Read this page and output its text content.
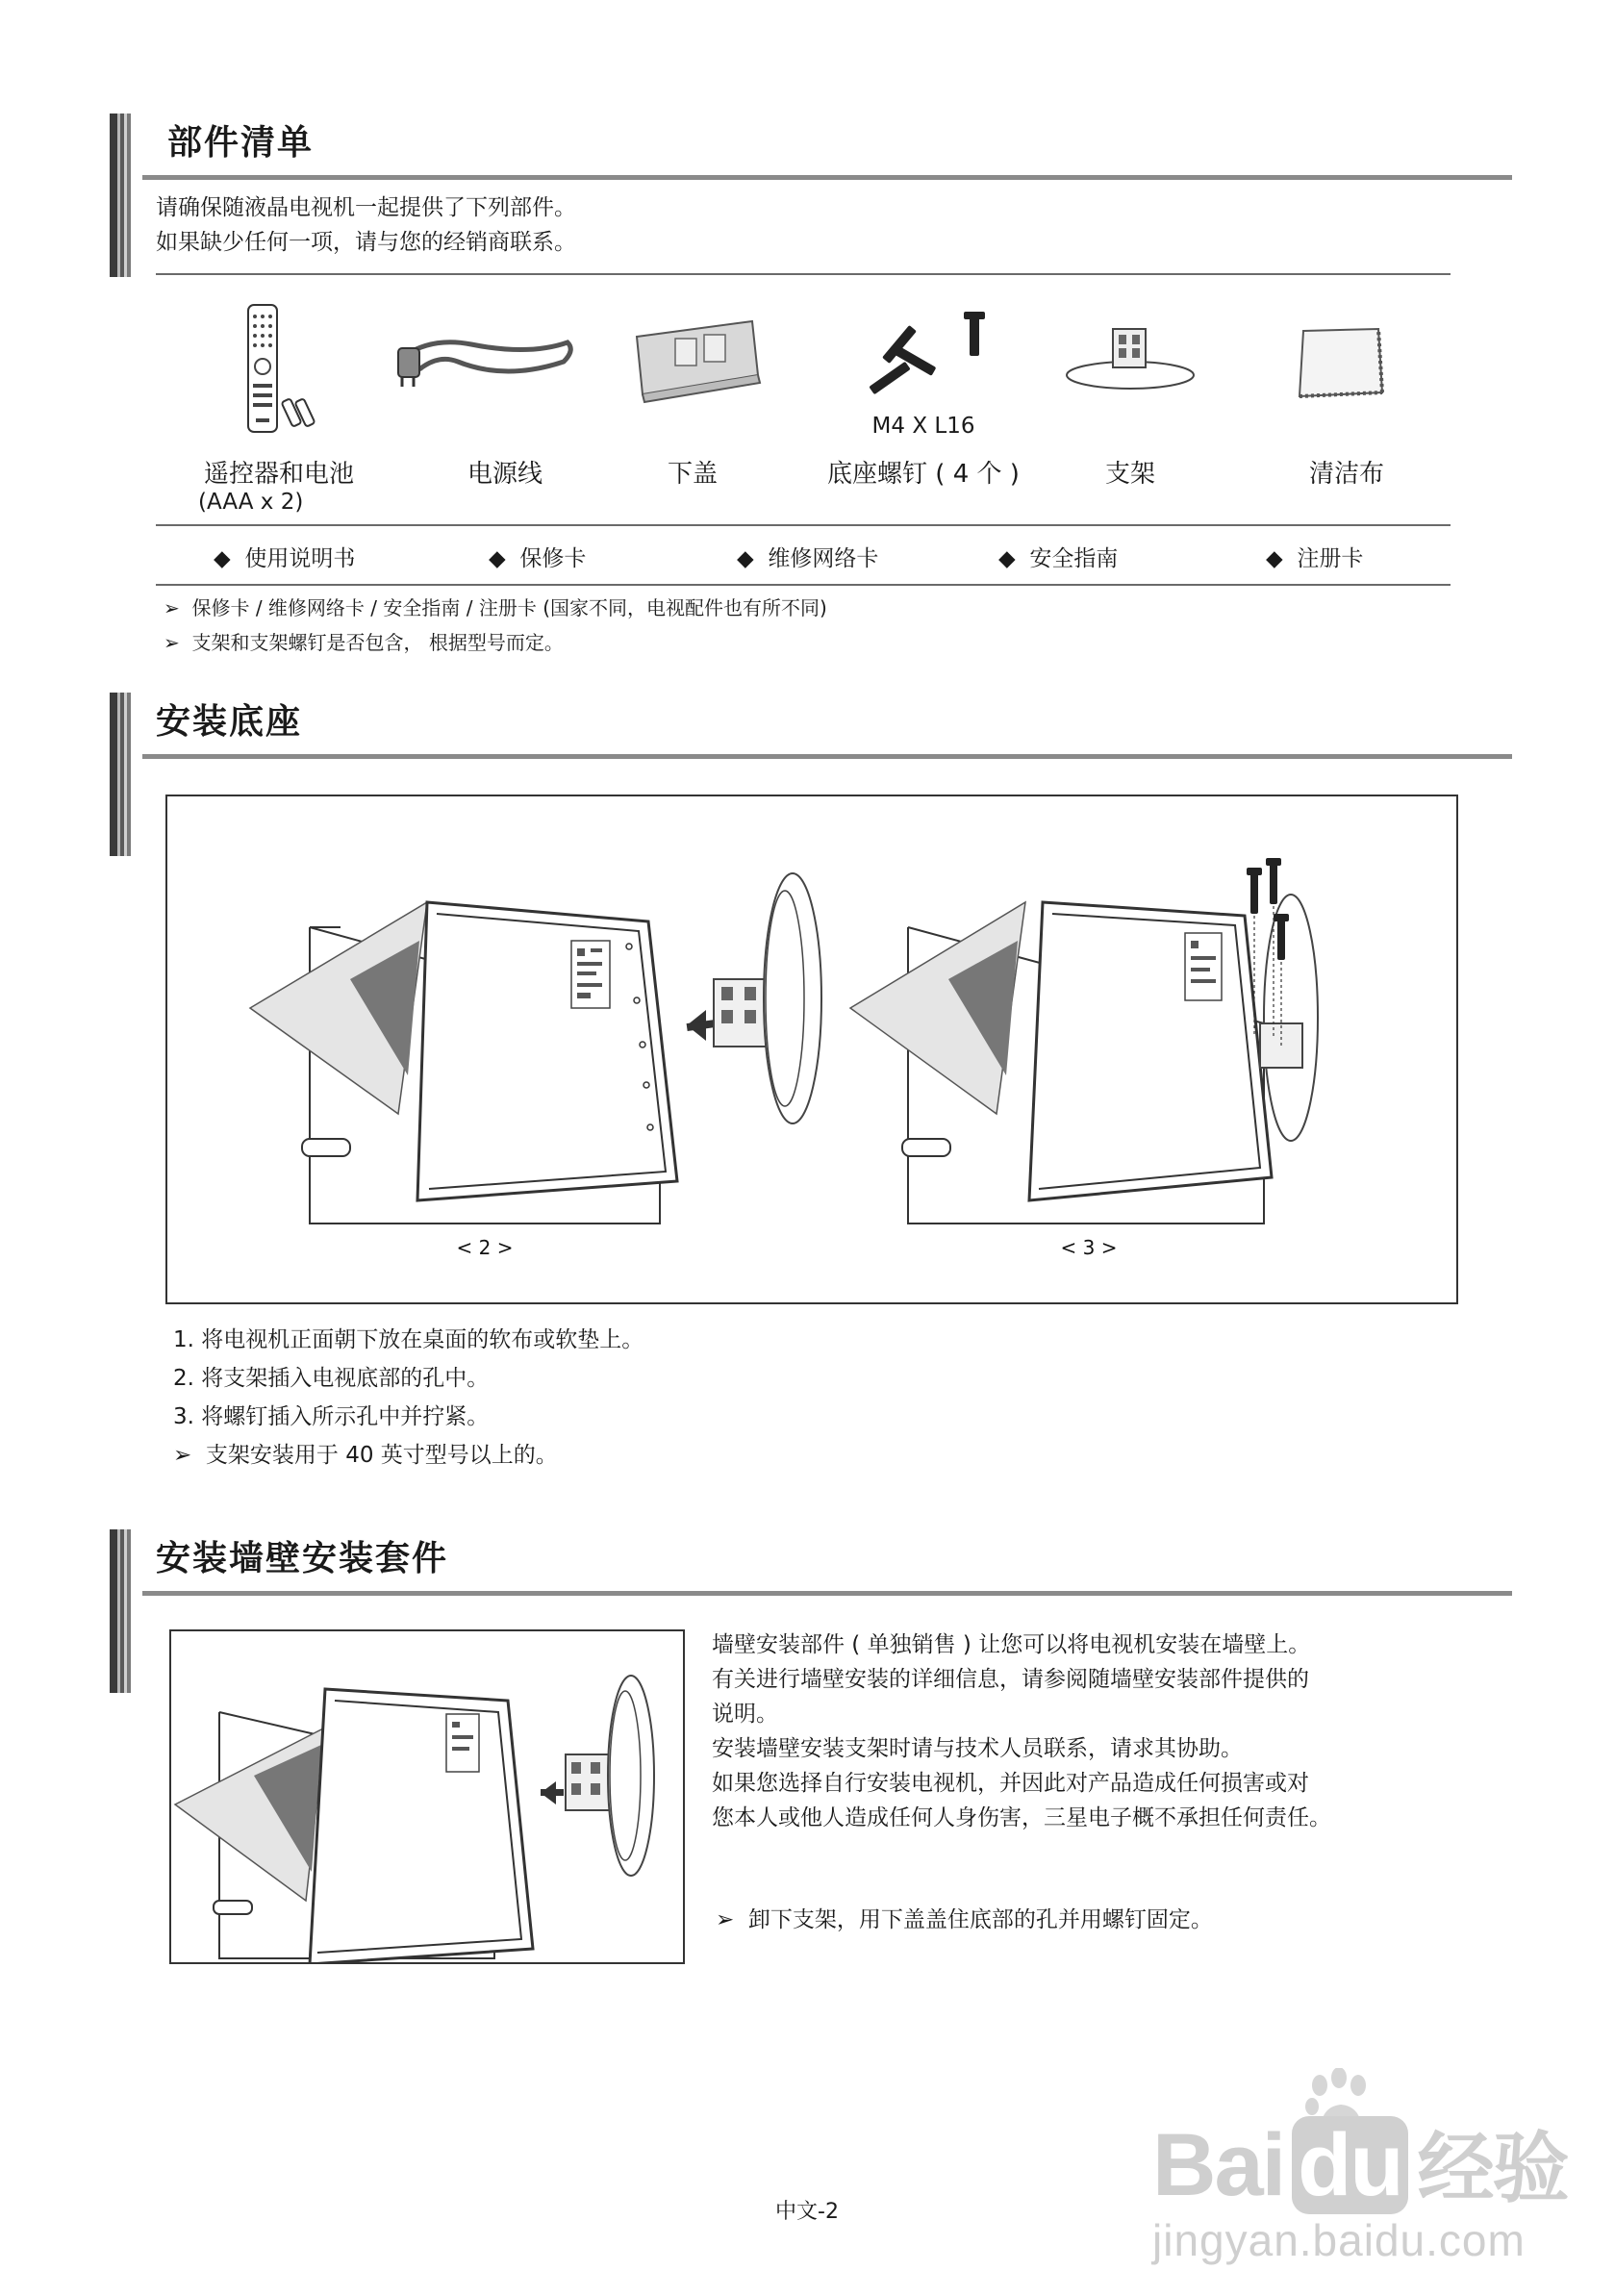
部件清单
请确保随液晶电视机一起提供了下列部件。
如果缺少任何一项，请与您的经销商联系。
遥控器和电池
(AAA x 2)
电源线	下盖
M4 X L16
底座螺钉 ( 4 个 )	支架	清洁布
◆ 使用说明书	◆ 保修卡	◆ 维修网络卡	◆ 安全指南	◆ 注册卡
➢ 保修卡 / 维修网络卡 / 安全指南 / 注册卡 (国家不同，电视配件也有所不同)
➢ 支架和支架螺钉是否包含， 根据型号而定。
安装底座
< 2 >	< 3 >
1. 将电视机正面朝下放在桌面的软布或软垫上。
2. 将支架插入电视底部的孔中。
3. 将螺钉插入所示孔中并拧紧。
➢ 支架安装用于 40 英寸型号以上的。
安装墙壁安装套件
墙壁安装部件 ( 单独销售 ) 让您可以将电视机安装在墙壁上。
有关进行墙壁安装的详细信息，请参阅随墙壁安装部件提供的
说明。
安装墙壁安装支架时请与技术人员联系，请求其协助。
如果您选择自行安装电视机，并因此对产品造成任何损害或对
您本人或他人造成任何人身伤害，三星电子概不承担任何责任。
➢ 卸下支架，用下盖盖住底部的孔并用螺钉固定。
Bai du 经验
jingyan.baidu.com
中文-2
